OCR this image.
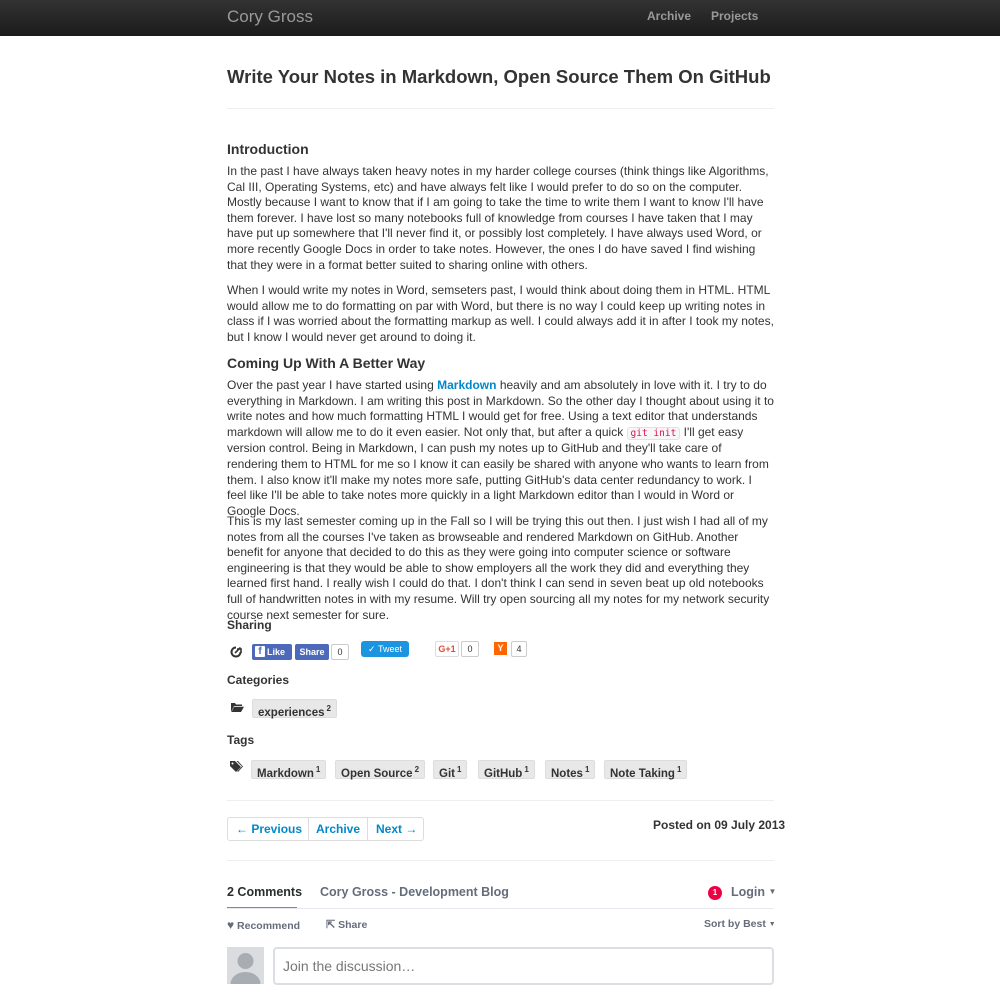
Cory Gross	Archive Projects
Write Your Notes in Markdown, Open Source Them On GitHub
Introduction

In the past I have always taken heavy notes in my harder college courses (think things like Algorithms, Cal III, Operating Systems, etc) and have always felt like I would prefer to do so on the computer. Mostly because I want to know that if I am going to take the time to write them I want to know I'll have them forever. I have lost so many notebooks full of knowledge from courses I have taken that I may have put up somewhere that I'll never find it, or possibly lost completely. I have always used Word, or more recently Google Docs in order to take notes. However, the ones I do have saved I find wishing that they were in a format better suited to sharing online with others.

When I would write my notes in Word, semseters past, I would think about doing them in HTML. HTML would allow me to do formatting on par with Word, but there is no way I could keep up writing notes in class if I was worried about the formatting markup as well. I could always add it in after I took my notes, but I know I would never get around to doing it.

Coming Up With A Better Way

Over the past year I have started using Markdown heavily and am absolutely in love with it. I try to do everything in Markdown. I am writing this post in Markdown. So the other day I thought about using it to write notes and how much formatting HTML I would get for free. Using a text editor that understands markdown will allow me to do it even easier. Not only that, but after a quick git init I'll get easy version control. Being in Markdown, I can push my notes up to GitHub and they'll take care of rendering them to HTML for me so I know it can easily be shared with anyone who wants to learn from them. I also know it'll make my notes more safe, putting GitHub's data center redundancy to work. I feel like I'll be able to take notes more quickly in a light Markdown editor than I would in Word or Google Docs.

This is my last semester coming up in the Fall so I will be trying this out then. I just wish I had all of my notes from all the courses I've taken as browseable and rendered Markdown on GitHub. Another benefit for anyone that decided to do this as they were going into computer science or software engineering is that they would be able to show employers all the work they did and everything they learned first hand. I really wish I could do that. I don't think I can send in seven beat up old notebooks full of handwritten notes in with my resume. Will try open sourcing all my notes for my network security course next semester for sure.

Sharing
f Like	Share	0	✓ Tweet	G+1	0	Y	4
Categories
experiences $^2$
Tags
Markdown $^1$	Open Source $^2$	Git $^1$	GitHub $^1$	Notes $^1$	Note Taking $^1$
← Previous Archive Next →	Posted on 09 July 2013
2 Comments Cory Gross - Development Blog	1	Login ▼
♥ Recommend ⇱ Share	Sort by Best ▼
Join the discussion…
